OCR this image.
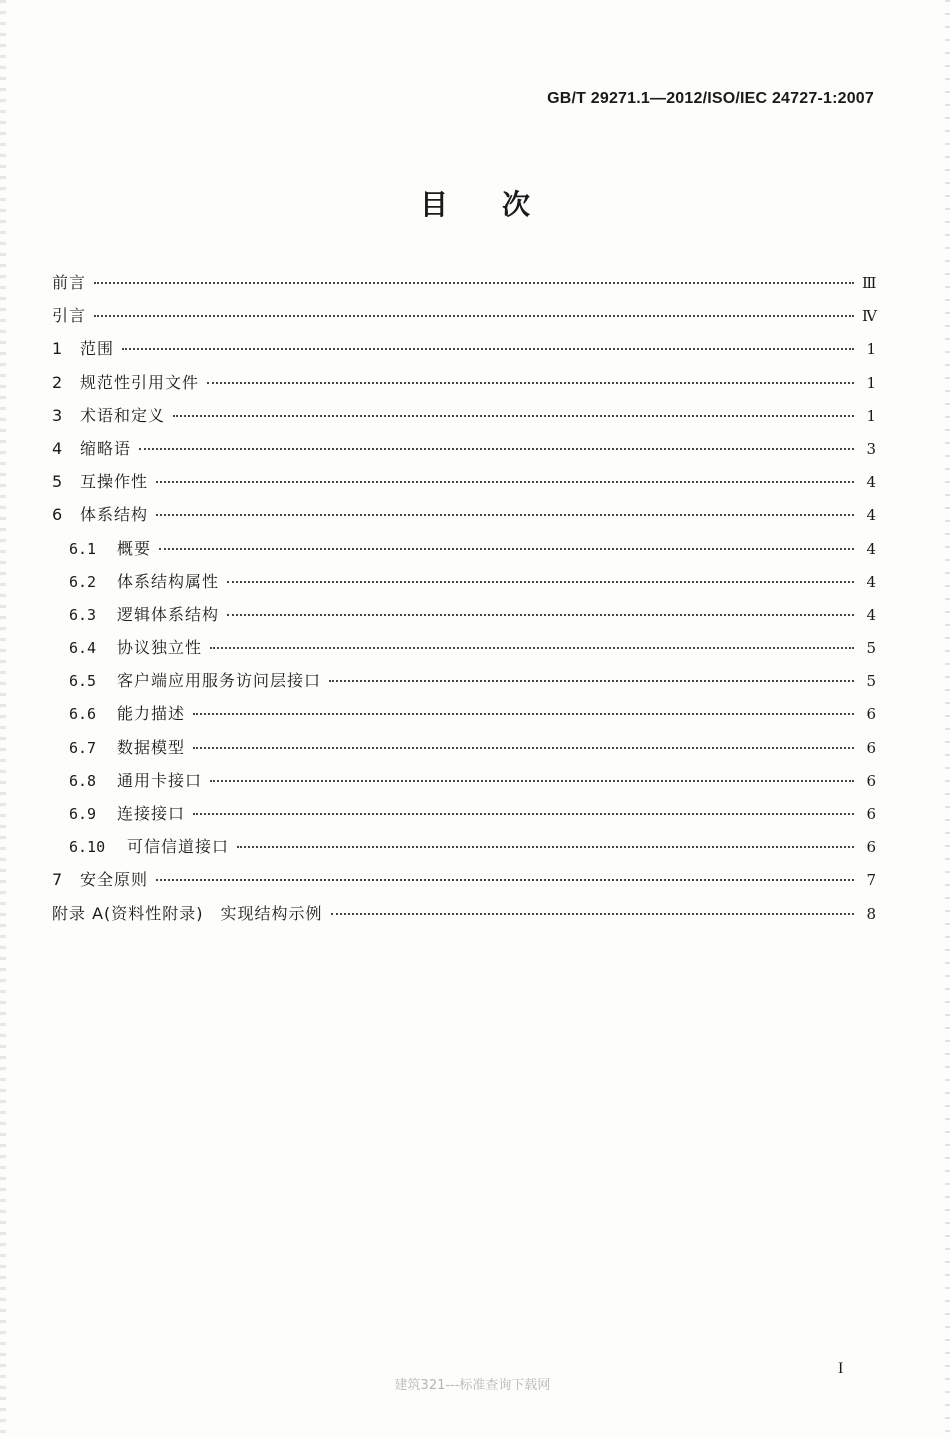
GB/T 29271.1—2012/ISO/IEC 24727-1:2007
目 次
前言	Ⅲ
引言	Ⅳ
1	范围	1
2	规范性引用文件	1
3	术语和定义	1
4	缩略语	3
5	互操作性	4
6	体系结构	4
6.1	概要	4
6.2	体系结构属性	4
6.3	逻辑体系结构	4
6.4	协议独立性	5
6.5	客户端应用服务访问层接口	5
6.6	能力描述	6
6.7	数据模型	6
6.8	通用卡接口	6
6.9	连接接口	6
6.10	可信信道接口	6
7	安全原则	7
附录 A(资料性附录)　实现结构示例	8
I
建筑321---标准查询下载网
